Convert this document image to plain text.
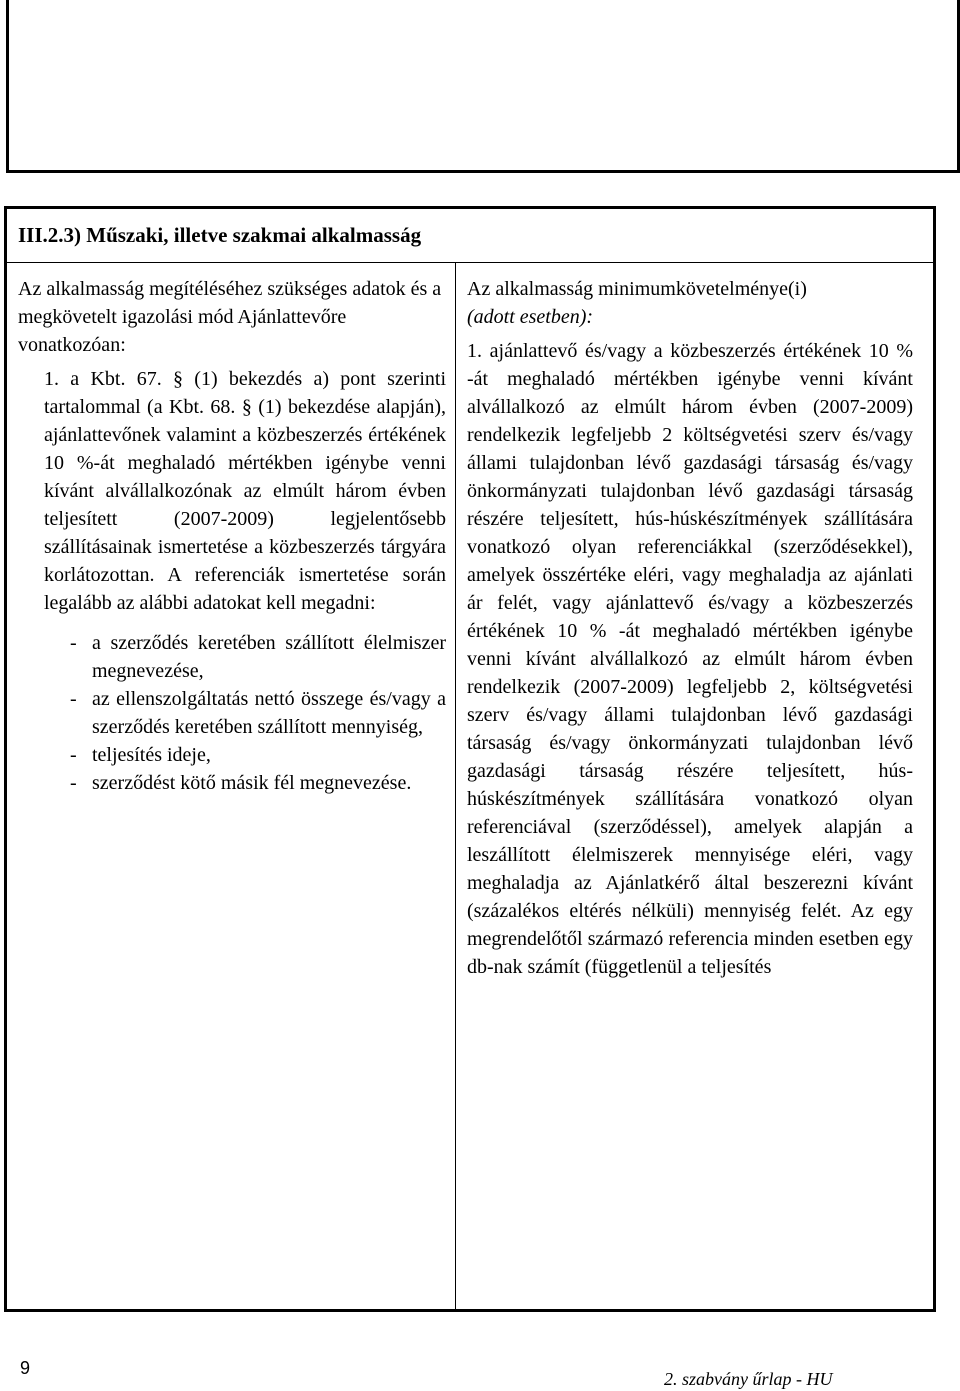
III.2.3) Műszaki, illetve szakmai alkalmasság

Az alkalmasság megítéléséhez szükséges adatok és a megkövetelt igazolási mód Ajánlattevőre vonatkozóan:

1. a Kbt. 67. § (1) bekezdés a) pont szerinti tartalommal (a Kbt. 68. § (1) bekezdése alapján), ajánlattevőnek valamint a közbeszerzés értékének 10 %-át meghaladó mértékben igénybe venni kívánt alvállalkozónak az elmúlt három évben teljesített (2007-2009) legjelentősebb szállításainak ismertetése a közbeszerzés tárgyára korlátozottan. A referenciák ismertetése során legalább az alábbi adatokat kell megadni:

- a szerződés keretében szállított élelmiszer megnevezése,
- az ellenszolgáltatás nettó összege és/vagy a szerződés keretében szállított mennyiség,
- teljesítés ideje,
- szerződést kötő másik fél megnevezése.

Az alkalmasság minimumkövetelménye(i)

(adott esetben):

1. ajánlattevő és/vagy a közbeszerzés értékének 10 % -át meghaladó mértékben igénybe venni kívánt alvállalkozó az elmúlt három évben (2007-2009) rendelkezik legfeljebb 2 költségvetési szerv és/vagy állami tulajdonban lévő gazdasági társaság és/vagy önkormányzati tulajdonban lévő gazdasági társaság részére teljesített, hús-húskészítmények szállítására vonatkozó olyan referenciákkal (szerződésekkel), amelyek összértéke eléri, vagy meghaladja az ajánlati ár felét, vagy ajánlattevő és/vagy a közbeszerzés értékének 10 % -át meghaladó mértékben igénybe venni kívánt alvállalkozó az elmúlt három évben rendelkezik (2007-2009) legfeljebb 2, költségvetési szerv és/vagy állami tulajdonban lévő gazdasági társaság és/vagy önkormányzati tulajdonban lévő gazdasági társaság részére teljesített, hús-húskészítmények szállítására vonatkozó olyan referenciával (szerződéssel), amelyek alapján a leszállított élelmiszerek mennyisége eléri, vagy meghaladja az Ajánlatkérő által beszerezni kívánt (százalékos eltérés nélküli) mennyiség felét. Az egy megrendelőtől származó referencia minden esetben egy db-nak számít (függetlenül a teljesítés

9
2. szabvány űrlap - HU
